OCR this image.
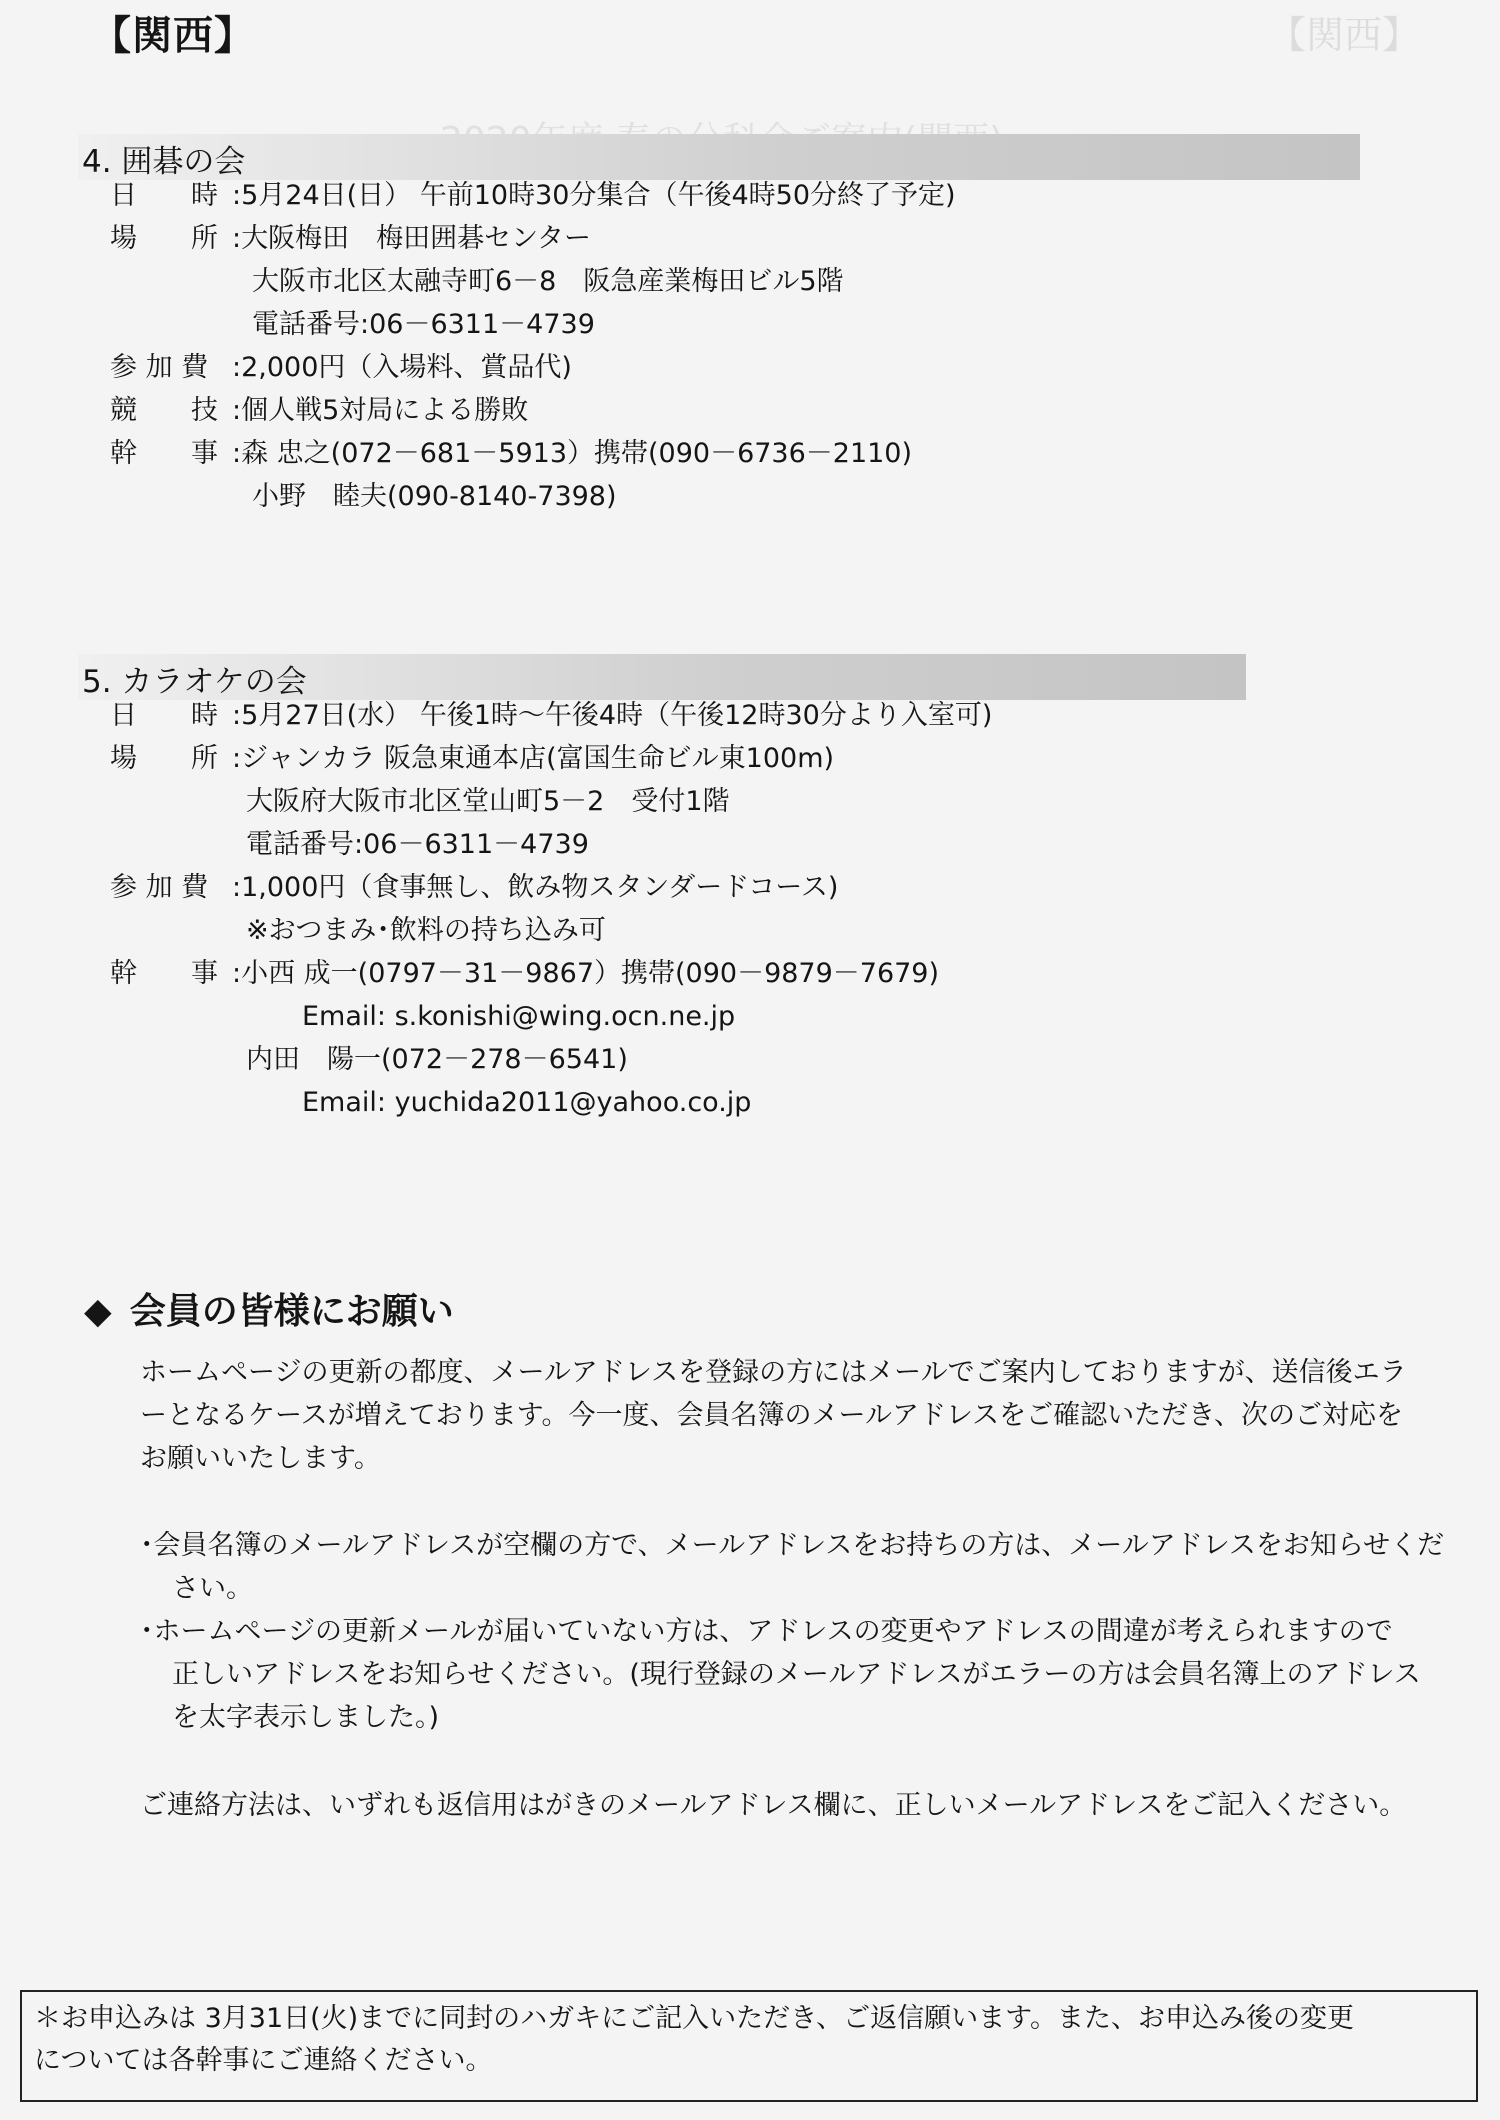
【関西】	【関西】
4. 囲碁の会
日　　時 :5月24日(日） 午前10時30分集合（午後4時50分終了予定)
場　　所 :大阪梅田　梅田囲碁センター
大阪市北区太融寺町6－8　阪急産業梅田ビル5階
電話番号:06－6311－4739
参 加 費 :2,000円（入場料、賞品代)
競　　技 :個人戦5対局による勝敗
幹　　事 :森 忠之(072－681－5913）携帯(090－6736－2110)
小野　睦夫(090-8140-7398)
5. カラオケの会
日　　時 :5月27日(水） 午後1時～午後4時（午後12時30分より入室可)
場　　所 :ジャンカラ 阪急東通本店(富国生命ビル東100m)
大阪府大阪市北区堂山町5－2　受付1階
電話番号:06－6311－4739
参 加 費 :1,000円（食事無し、飲み物スタンダードコース)
※おつまみ･飲料の持ち込み可
幹　　事 :小西 成一(0797－31－9867）携帯(090－9879－7679)
Email: s.konishi@wing.ocn.ne.jp
内田　陽一(072－278－6541)
Email: yuchida2011@yahoo.co.jp
◆ 会員の皆様にお願い
ホームページの更新の都度、メールアドレスを登録の方にはメールでご案内しておりますが、送信後エラーとなるケースが増えております。今一度、会員名簿のメールアドレスをご確認いただき、次のご対応をお願いいたします。
･会員名簿のメールアドレスが空欄の方で、メールアドレスをお持ちの方は、メールアドレスをお知らせくだ
さい。
･ホームページの更新メールが届いていない方は、アドレスの変更やアドレスの間違が考えられますので
正しいアドレスをお知らせください。(現行登録のメールアドレスがエラーの方は会員名簿上のアドレス
を太字表示しました。)
ご連絡方法は、いずれも返信用はがきのメールアドレス欄に、正しいメールアドレスをご記入ください。
＊お申込みは 3月31日(火)までに同封のハガキにご記入いただき、ご返信願います。また、お申込み後の変更
については各幹事にご連絡ください。
